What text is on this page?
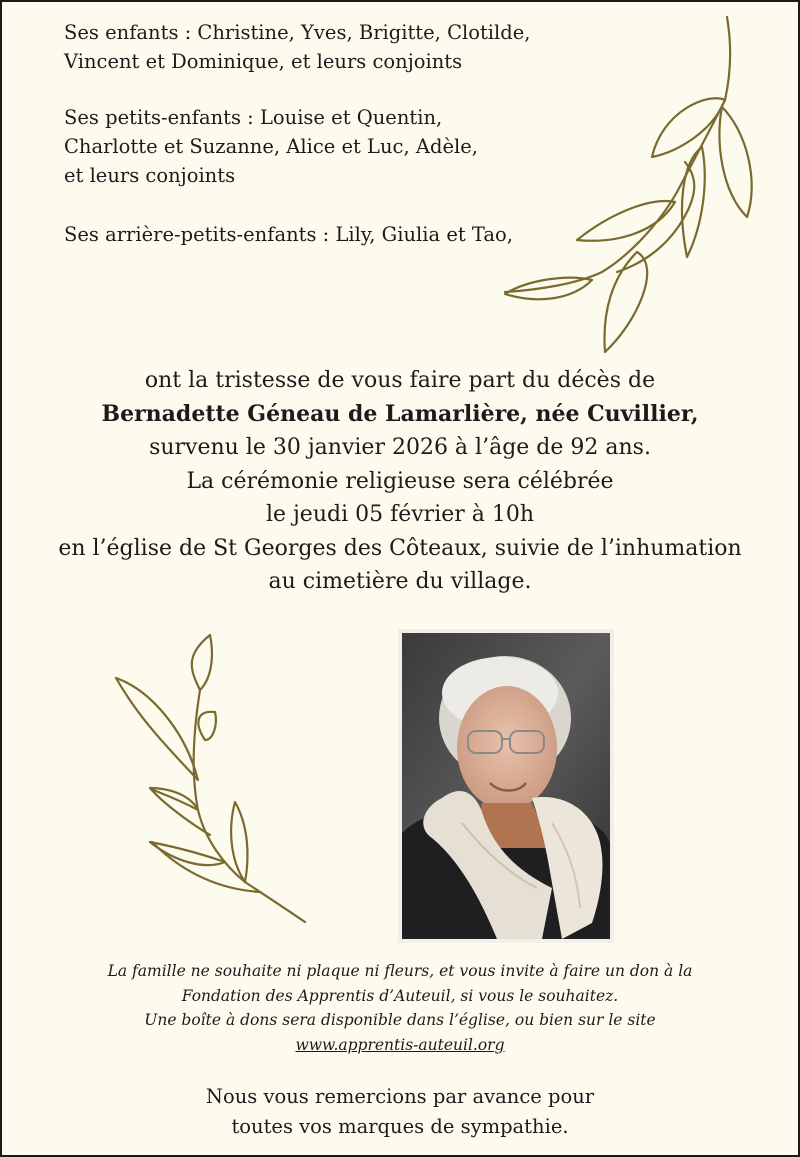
Ses enfants : Christine, Yves, Brigitte, Clotilde,

Vincent et Dominique, et leurs conjoints

Ses petits-enfants : Louise et Quentin,

Charlotte et Suzanne, Alice et Luc, Adèle,

et leurs conjoints

Ses arrière-petits-enfants : Lily, Giulia et Tao,

ont la tristesse de vous faire part du décès de
Bernadette Géneau de Lamarlière, née Cuvillier,
survenu le 30 janvier 2026 à l’âge de 92 ans.
La cérémonie religieuse sera célébrée
le jeudi 05 février à 10h
en l’église de St Georges des Côteaux, suivie de l’inhumation
au cimetière du village.
La famille ne souhaite ni plaque ni fleurs, et vous invite à faire un don à la
Fondation des Apprentis d’Auteuil, si vous le souhaitez.
Une boîte à dons sera disponible dans l’église, ou bien sur le site
www.apprentis-auteuil.org
Nous vous remercions par avance pour
toutes vos marques de sympathie.
